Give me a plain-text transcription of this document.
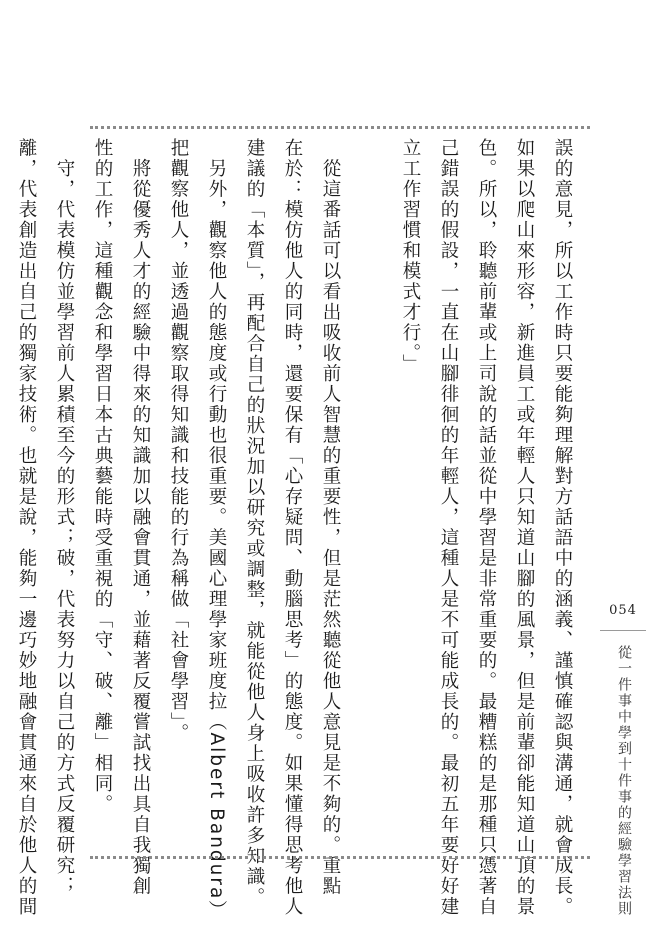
誤的意見，所以工作時只要能夠理解對方話語中的涵義、謹慎確認與溝通，就會成長。
如果以爬山來形容，新進員工或年輕人只知道山腳的風景，但是前輩卻能知道山頂的景
色。所以，聆聽前輩或上司說的話並從中學習是非常重要的。最糟糕的是那種只憑著自
己錯誤的假設，一直在山腳徘徊的年輕人，這種人是不可能成長的。最初五年要好好建
立工作習慣和模式才行。」
　從這番話可以看出吸收前人智慧的重要性，但是茫然聽從他人意見是不夠的。重點
在於：模仿他人的同時，還要保有「心存疑問、動腦思考」的態度。如果懂得思考他人
建議的「本質」，再配合自己的狀況加以研究或調整，就能從他人身上吸收許多知識。
　另外，觀察他人的態度或行動也很重要。美國心理學家班度拉（Albert Bandura）
把觀察他人，並透過觀察取得知識和技能的行為稱做「社會學習」。
　將從優秀人才的經驗中得來的知識加以融會貫通，並藉著反覆嘗試找出具自我獨創
性的工作，這種觀念和學習日本古典藝能時受重視的「守、破、離」相同。
　守，代表模仿並學習前人累積至今的形式；破，代表努力以自己的方式反覆研究；
離，代表創造出自己的獨家技術。也就是說，能夠一邊巧妙地融會貫通來自於他人的間	054
從一件事中學到十件事的經驗學習法則
